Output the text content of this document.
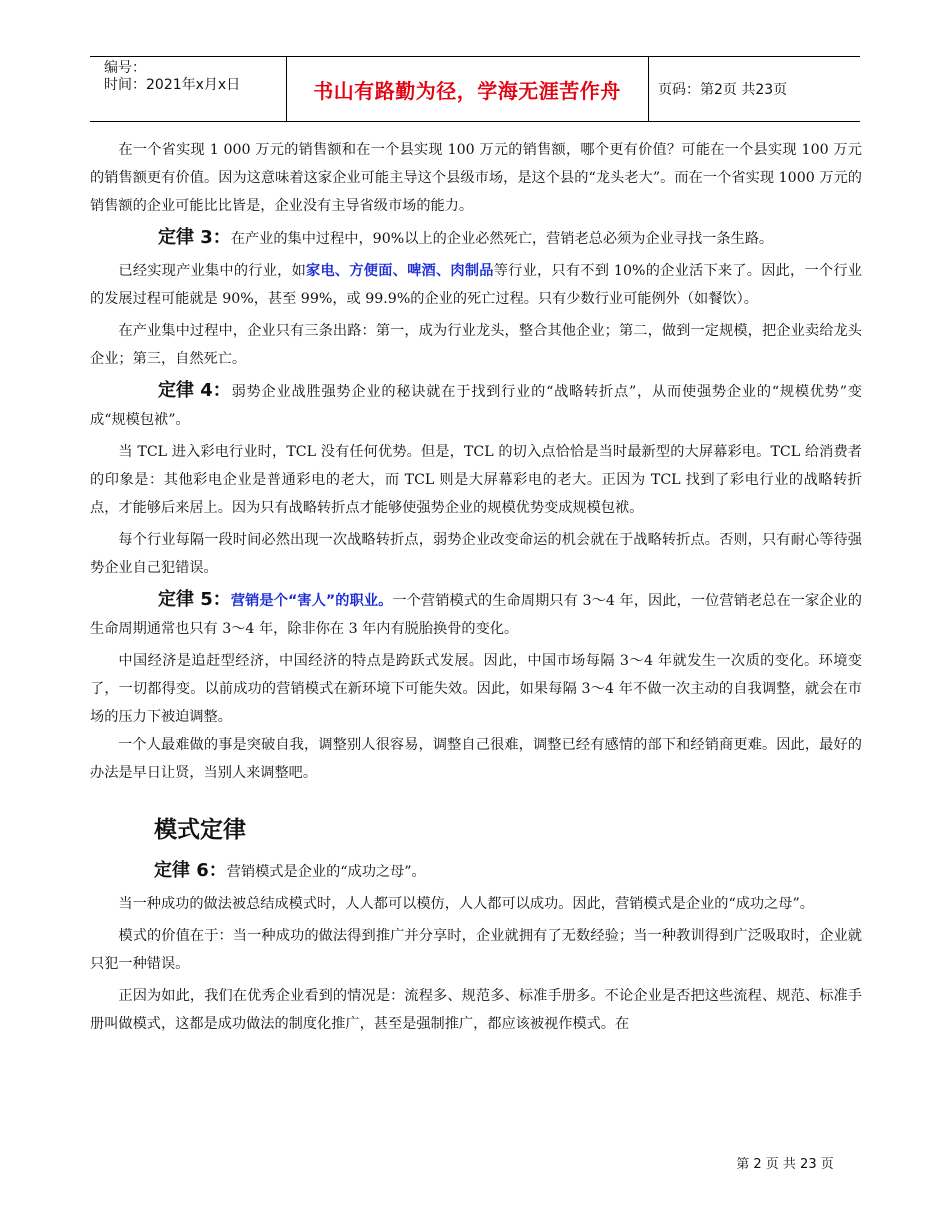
编号：
时间：2021年x月x日	书山有路勤为径，学海无涯苦作舟	页码：第2页 共23页

在一个省实现 1 000 万元的销售额和在一个县实现 100 万元的销售额，哪个更有价值？可能在一个县实现 100 万元的销售额更有价值。因为这意味着这家企业可能主导这个县级市场，是这个县的“龙头老大”。而在一个省实现 1000 万元的销售额的企业可能比比皆是，企业没有主导省级市场的能力。

定律 3：在产业的集中过程中，90%以上的企业必然死亡，营销老总必须为企业寻找一条生路。

已经实现产业集中的行业，如家电、方便面、啤酒、肉制品等行业，只有不到 10%的企业活下来了。因此，一个行业的发展过程可能就是 90%，甚至 99%，或 99.9%的企业的死亡过程。只有少数行业可能例外（如餐饮）。

在产业集中过程中，企业只有三条出路：第一，成为行业龙头，整合其他企业；第二，做到一定规模，把企业卖给龙头企业；第三，自然死亡。

定律 4：弱势企业战胜强势企业的秘诀就在于找到行业的“战略转折点”，从而使强势企业的“规模优势”变成“规模包袱”。

当 TCL 进入彩电行业时，TCL 没有任何优势。但是，TCL 的切入点恰恰是当时最新型的大屏幕彩电。TCL 给消费者的印象是：其他彩电企业是普通彩电的老大，而 TCL 则是大屏幕彩电的老大。正因为 TCL 找到了彩电行业的战略转折点，才能够后来居上。因为只有战略转折点才能够使强势企业的规模优势变成规模包袱。

每个行业每隔一段时间必然出现一次战略转折点，弱势企业改变命运的机会就在于战略转折点。否则，只有耐心等待强势企业自己犯错误。

定律 5：营销是个“害人”的职业。一个营销模式的生命周期只有 3～4 年，因此，一位营销老总在一家企业的生命周期通常也只有 3～4 年，除非你在 3 年内有脱胎换骨的变化。

中国经济是追赶型经济，中国经济的特点是跨跃式发展。因此，中国市场每隔 3～4 年就发生一次质的变化。环境变了，一切都得变。以前成功的营销模式在新环境下可能失效。因此，如果每隔 3～4 年不做一次主动的自我调整，就会在市场的压力下被迫调整。

一个人最难做的事是突破自我，调整别人很容易，调整自己很难，调整已经有感情的部下和经销商更难。因此，最好的办法是早日让贤，当别人来调整吧。

模式定律

定律 6：营销模式是企业的“成功之母”。

当一种成功的做法被总结成模式时，人人都可以模仿，人人都可以成功。因此，营销模式是企业的“成功之母”。

模式的价值在于：当一种成功的做法得到推广并分享时，企业就拥有了无数经验；当一种教训得到广泛吸取时，企业就只犯一种错误。

正因为如此，我们在优秀企业看到的情况是：流程多、规范多、标准手册多。不论企业是否把这些流程、规范、标准手册叫做模式，这都是成功做法的制度化推广，甚至是强制推广，都应该被视作模式。在

第 2 页 共 23 页
